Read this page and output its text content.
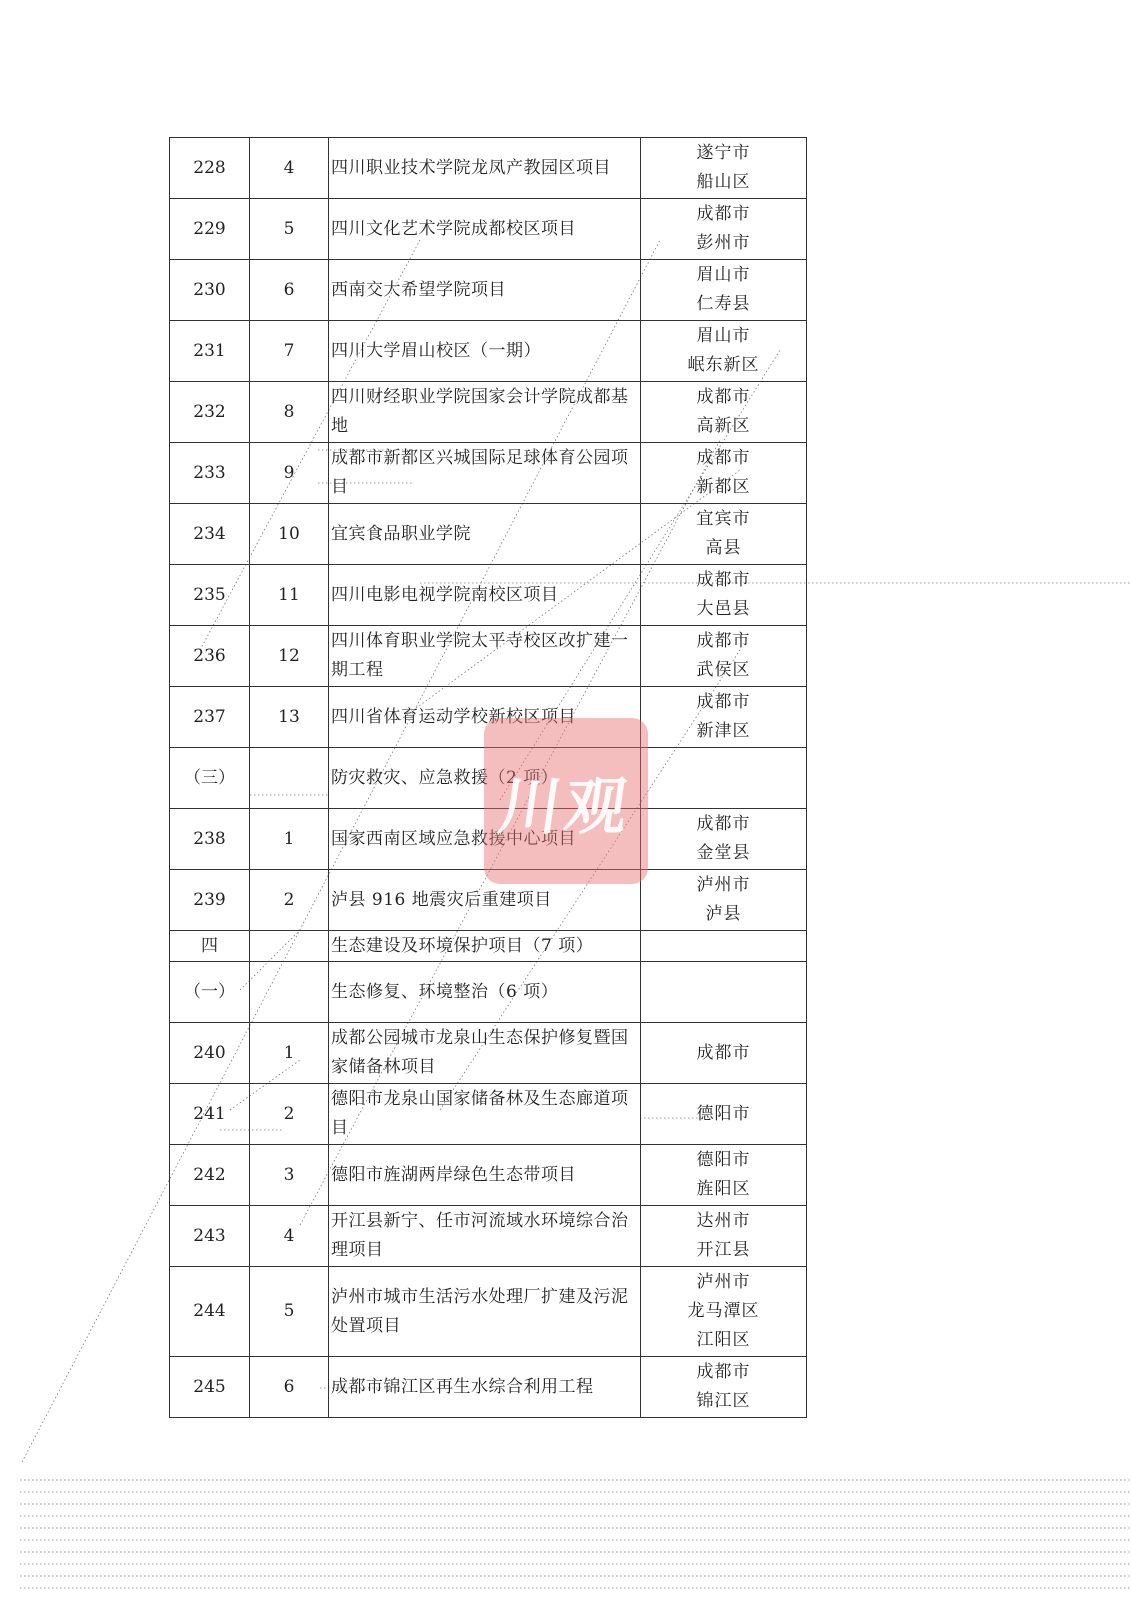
228	4	四川职业技术学院龙凤产教园区项目	遂宁市
船山区

229	5	四川文化艺术学院成都校区项目	成都市
彭州市

230	6	西南交大希望学院项目	眉山市
仁寿县

231	7	四川大学眉山校区（一期）	眉山市
岷东新区

232	8	四川财经职业学院国家会计学院成都基地	成都市
高新区

233	9	成都市新都区兴城国际足球体育公园项目	成都市
新都区

234	10	宜宾食品职业学院	宜宾市
高县

235	11	四川电影电视学院南校区项目	成都市
大邑县

236	12	四川体育职业学院太平寺校区改扩建一期工程	成都市
武侯区

237	13	四川省体育运动学校新校区项目	成都市
新津区

（三）		防灾救灾、应急救援（2 项）	
238	1	国家西南区域应急救援中心项目	成都市
金堂县

239	2	泸县 916 地震灾后重建项目	泸州市
泸县

四		生态建设及环境保护项目（7 项）	
（一）		生态修复、环境整治（6 项）	
240	1	成都公园城市龙泉山生态保护修复暨国家储备林项目	成都市

241	2	德阳市龙泉山国家储备林及生态廊道项目	德阳市

242	3	德阳市旌湖两岸绿色生态带项目	德阳市
旌阳区

243	4	开江县新宁、任市河流域水环境综合治理项目	达州市
开江县

244	5	泸州市城市生活污水处理厂扩建及污泥处置项目	泸州市
龙马潭区
江阳区

245	6	成都市锦江区再生水综合利用工程	成都市
锦江区
川观
